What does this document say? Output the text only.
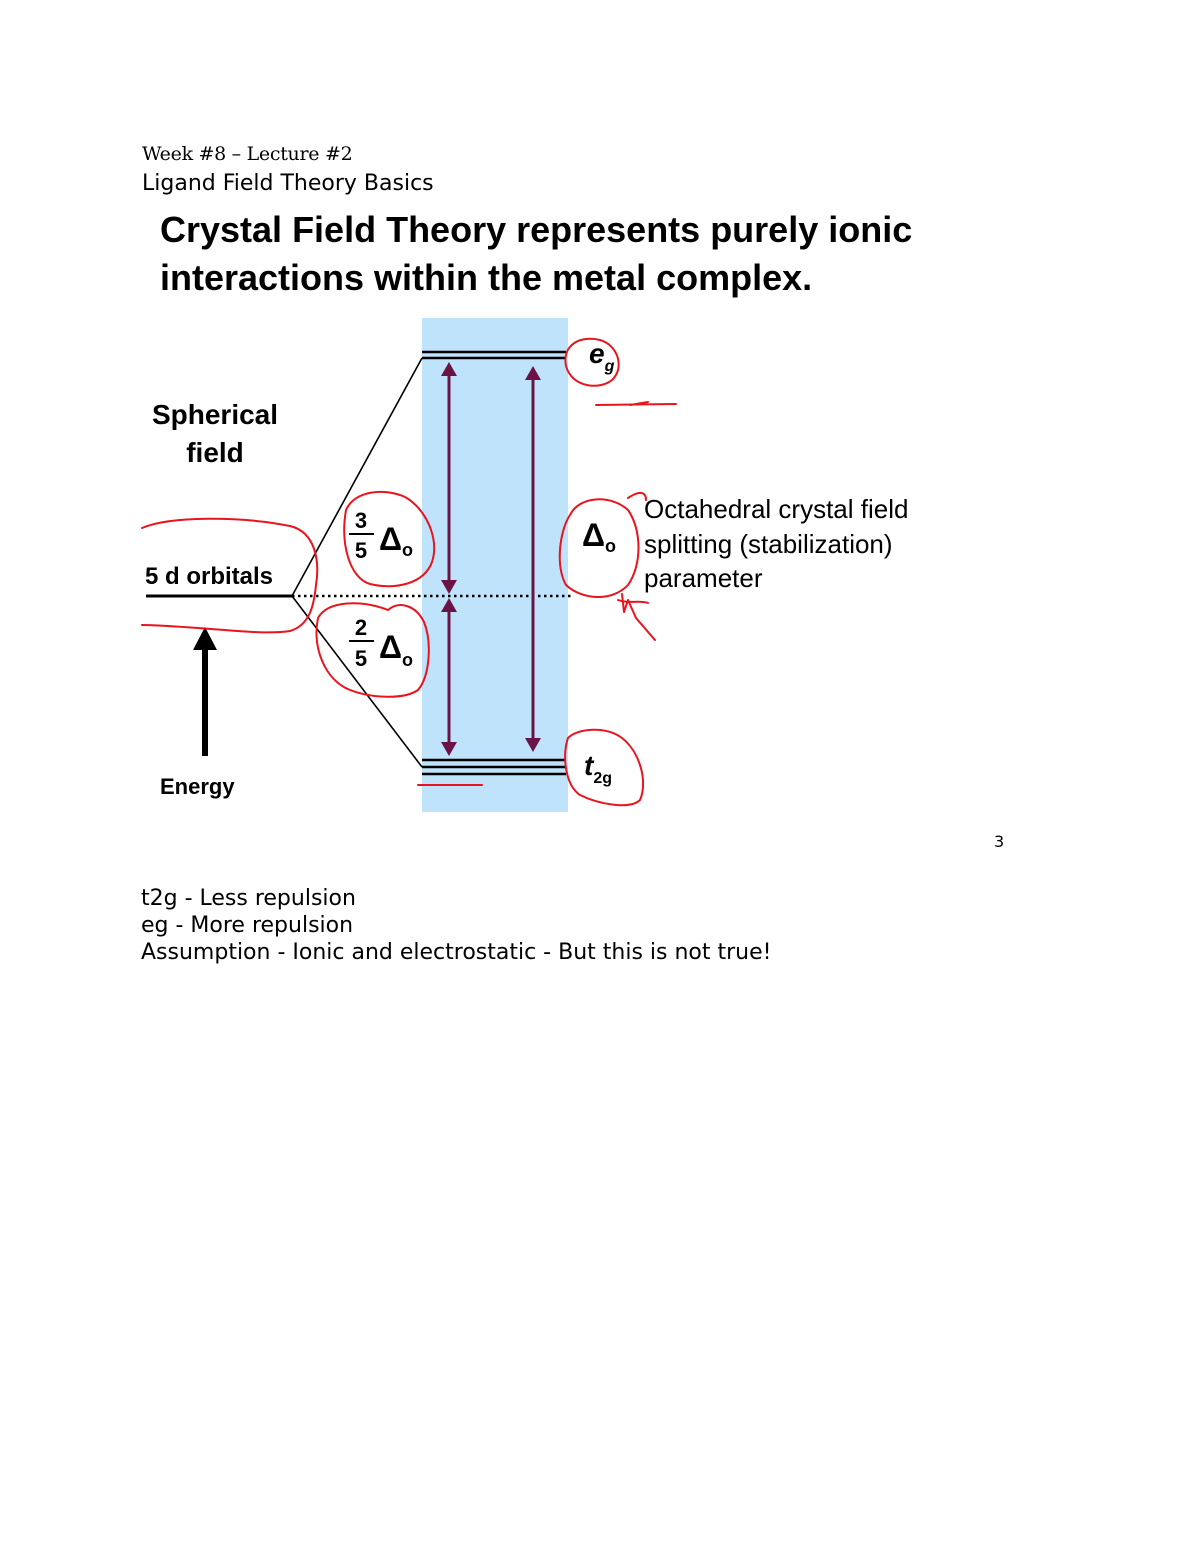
Week #8 – Lecture #2
Ligand Field Theory Basics
Crystal Field Theory represents purely ionic
interactions within the metal complex.
Spherical
field
5 d orbitals
$e_g$
$t_{2g}$
3
5 Δ o
2
5 Δ o
Δ o
Octahedral crystal field
splitting (stabilization)
parameter
Energy
3
t2g - Less repulsion
eg - More repulsion
Assumption - Ionic and electrostatic - But this is not true!
